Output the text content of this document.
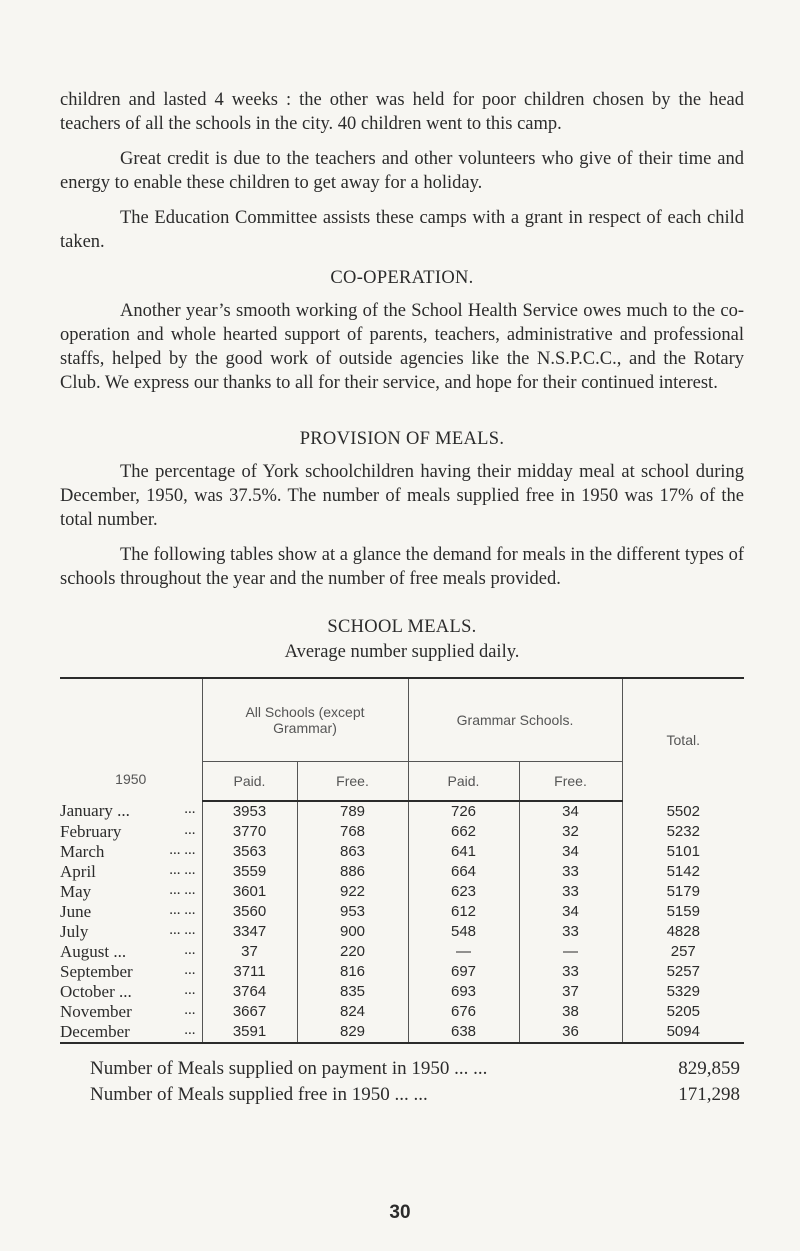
children and lasted 4 weeks : the other was held for poor children chosen by the head teachers of all the schools in the city. 40 children went to this camp.

Great credit is due to the teachers and other volunteers who give of their time and energy to enable these children to get away for a holiday.

The Education Committee assists these camps with a grant in respect of each child taken.

CO-OPERATION.

Another year’s smooth working of the School Health Service owes much to the co-operation and whole hearted support of parents, teachers, administrative and professional staffs, helped by the good work of outside agencies like the N.S.P.C.C., and the Rotary Club. We express our thanks to all for their service, and hope for their continued interest.

PROVISION OF MEALS.

The percentage of York schoolchildren having their midday meal at school during December, 1950, was 37.5%. The number of meals supplied free in 1950 was 17% of the total number.

The following tables show at a glance the demand for meals in the different types of schools throughout the year and the number of free meals provided.

SCHOOL MEALS.
Average number supplied daily.
1950	All Schools (except Grammar)		Grammar Schools.		Total.
	Paid.	Free.	Paid.	Free.	
January ... ...	3953	789	726	34	5502
February ...	3770	768	662	32	5232
March ... ...	3563	863	641	34	5101
April ... ...	3559	886	664	33	5142
May ... ...	3601	922	623	33	5179
June ... ...	3560	953	612	34	5159
July ... ...	3347	900	548	33	4828
August ... ...	37	220	—	—	257
September ...	3711	816	697	33	5257
October ... ...	3764	835	693	37	5329
November ...	3667	824	676	38	5205
December ...	3591	829	638	36	5094
Number of Meals supplied on payment in 1950 ... ...	829,859
Number of Meals supplied free in 1950 ... ...	171,298
30
